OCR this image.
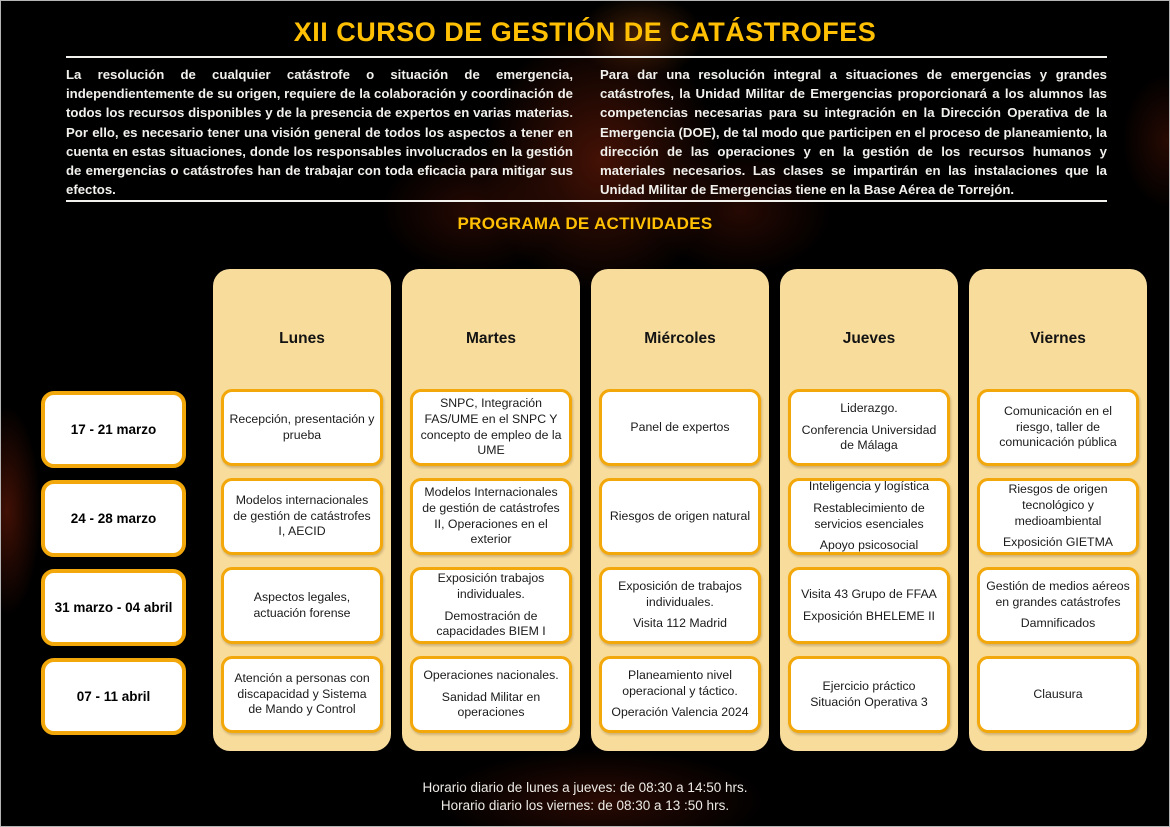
XII CURSO DE GESTIÓN DE CATÁSTROFES

La resolución de cualquier catástrofe o situación de emergencia, independientemente de su origen, requiere de la colaboración y coordinación de todos los recursos disponibles y de la presencia de expertos en varias materias. Por ello, es necesario tener una visión general de todos los aspectos a tener en cuenta en estas situaciones, donde los responsables involucrados en la gestión de emergencias o catástrofes han de trabajar con toda eficacia para mitigar sus efectos.

Para dar una resolución integral a situaciones de emergencias y grandes catástrofes, la Unidad Militar de Emergencias proporcionará a los alumnos las competencias necesarias para su integración en la Dirección Operativa de la Emergencia (DOE), de tal modo que participen en el proceso de planeamiento, la dirección de las operaciones y en la gestión de los recursos humanos y materiales necesarios. Las clases se impartirán en las instalaciones que la Unidad Militar de Emergencias tiene en la Base Aérea de Torrejón.

PROGRAMA DE ACTIVIDADES
17 - 21 marzo
24 - 28 marzo
31 marzo - 04 abril
07 - 11 abril
Lunes
Recepción, presentación y prueba
Modelos internacionales de gestión de catástrofes I, AECID
Aspectos legales, actuación forense
Atención a personas con discapacidad y Sistema de Mando y Control
Martes
SNPC, Integración FAS/UME en el SNPC Y concepto de empleo de la UME
Modelos Internacionales de gestión de catástrofes II, Operaciones en el exterior
Exposición trabajos individuales.
Demostración de capacidades BIEM I
Operaciones nacionales.
Sanidad Militar en operaciones
Miércoles
Panel de expertos
Riesgos de origen natural
Exposición de trabajos individuales.
Visita 112 Madrid
Planeamiento nivel operacional y táctico.
Operación Valencia 2024
Jueves
Liderazgo.
Conferencia Universidad de Málaga
Inteligencia y logística
Restablecimiento de servicios esenciales
Apoyo psicosocial
Visita 43 Grupo de FFAA
Exposición BHELEME II
Ejercicio práctico Situación Operativa 3
Viernes
Comunicación en el riesgo, taller de comunicación pública
Riesgos de origen tecnológico y medioambiental
Exposición GIETMA
Gestión de medios aéreos en grandes catástrofes
Damnificados
Clausura
Horario diario de lunes a jueves: de 08:30 a 14:50 hrs.
Horario diario los viernes: de 08:30 a 13 :50 hrs.
